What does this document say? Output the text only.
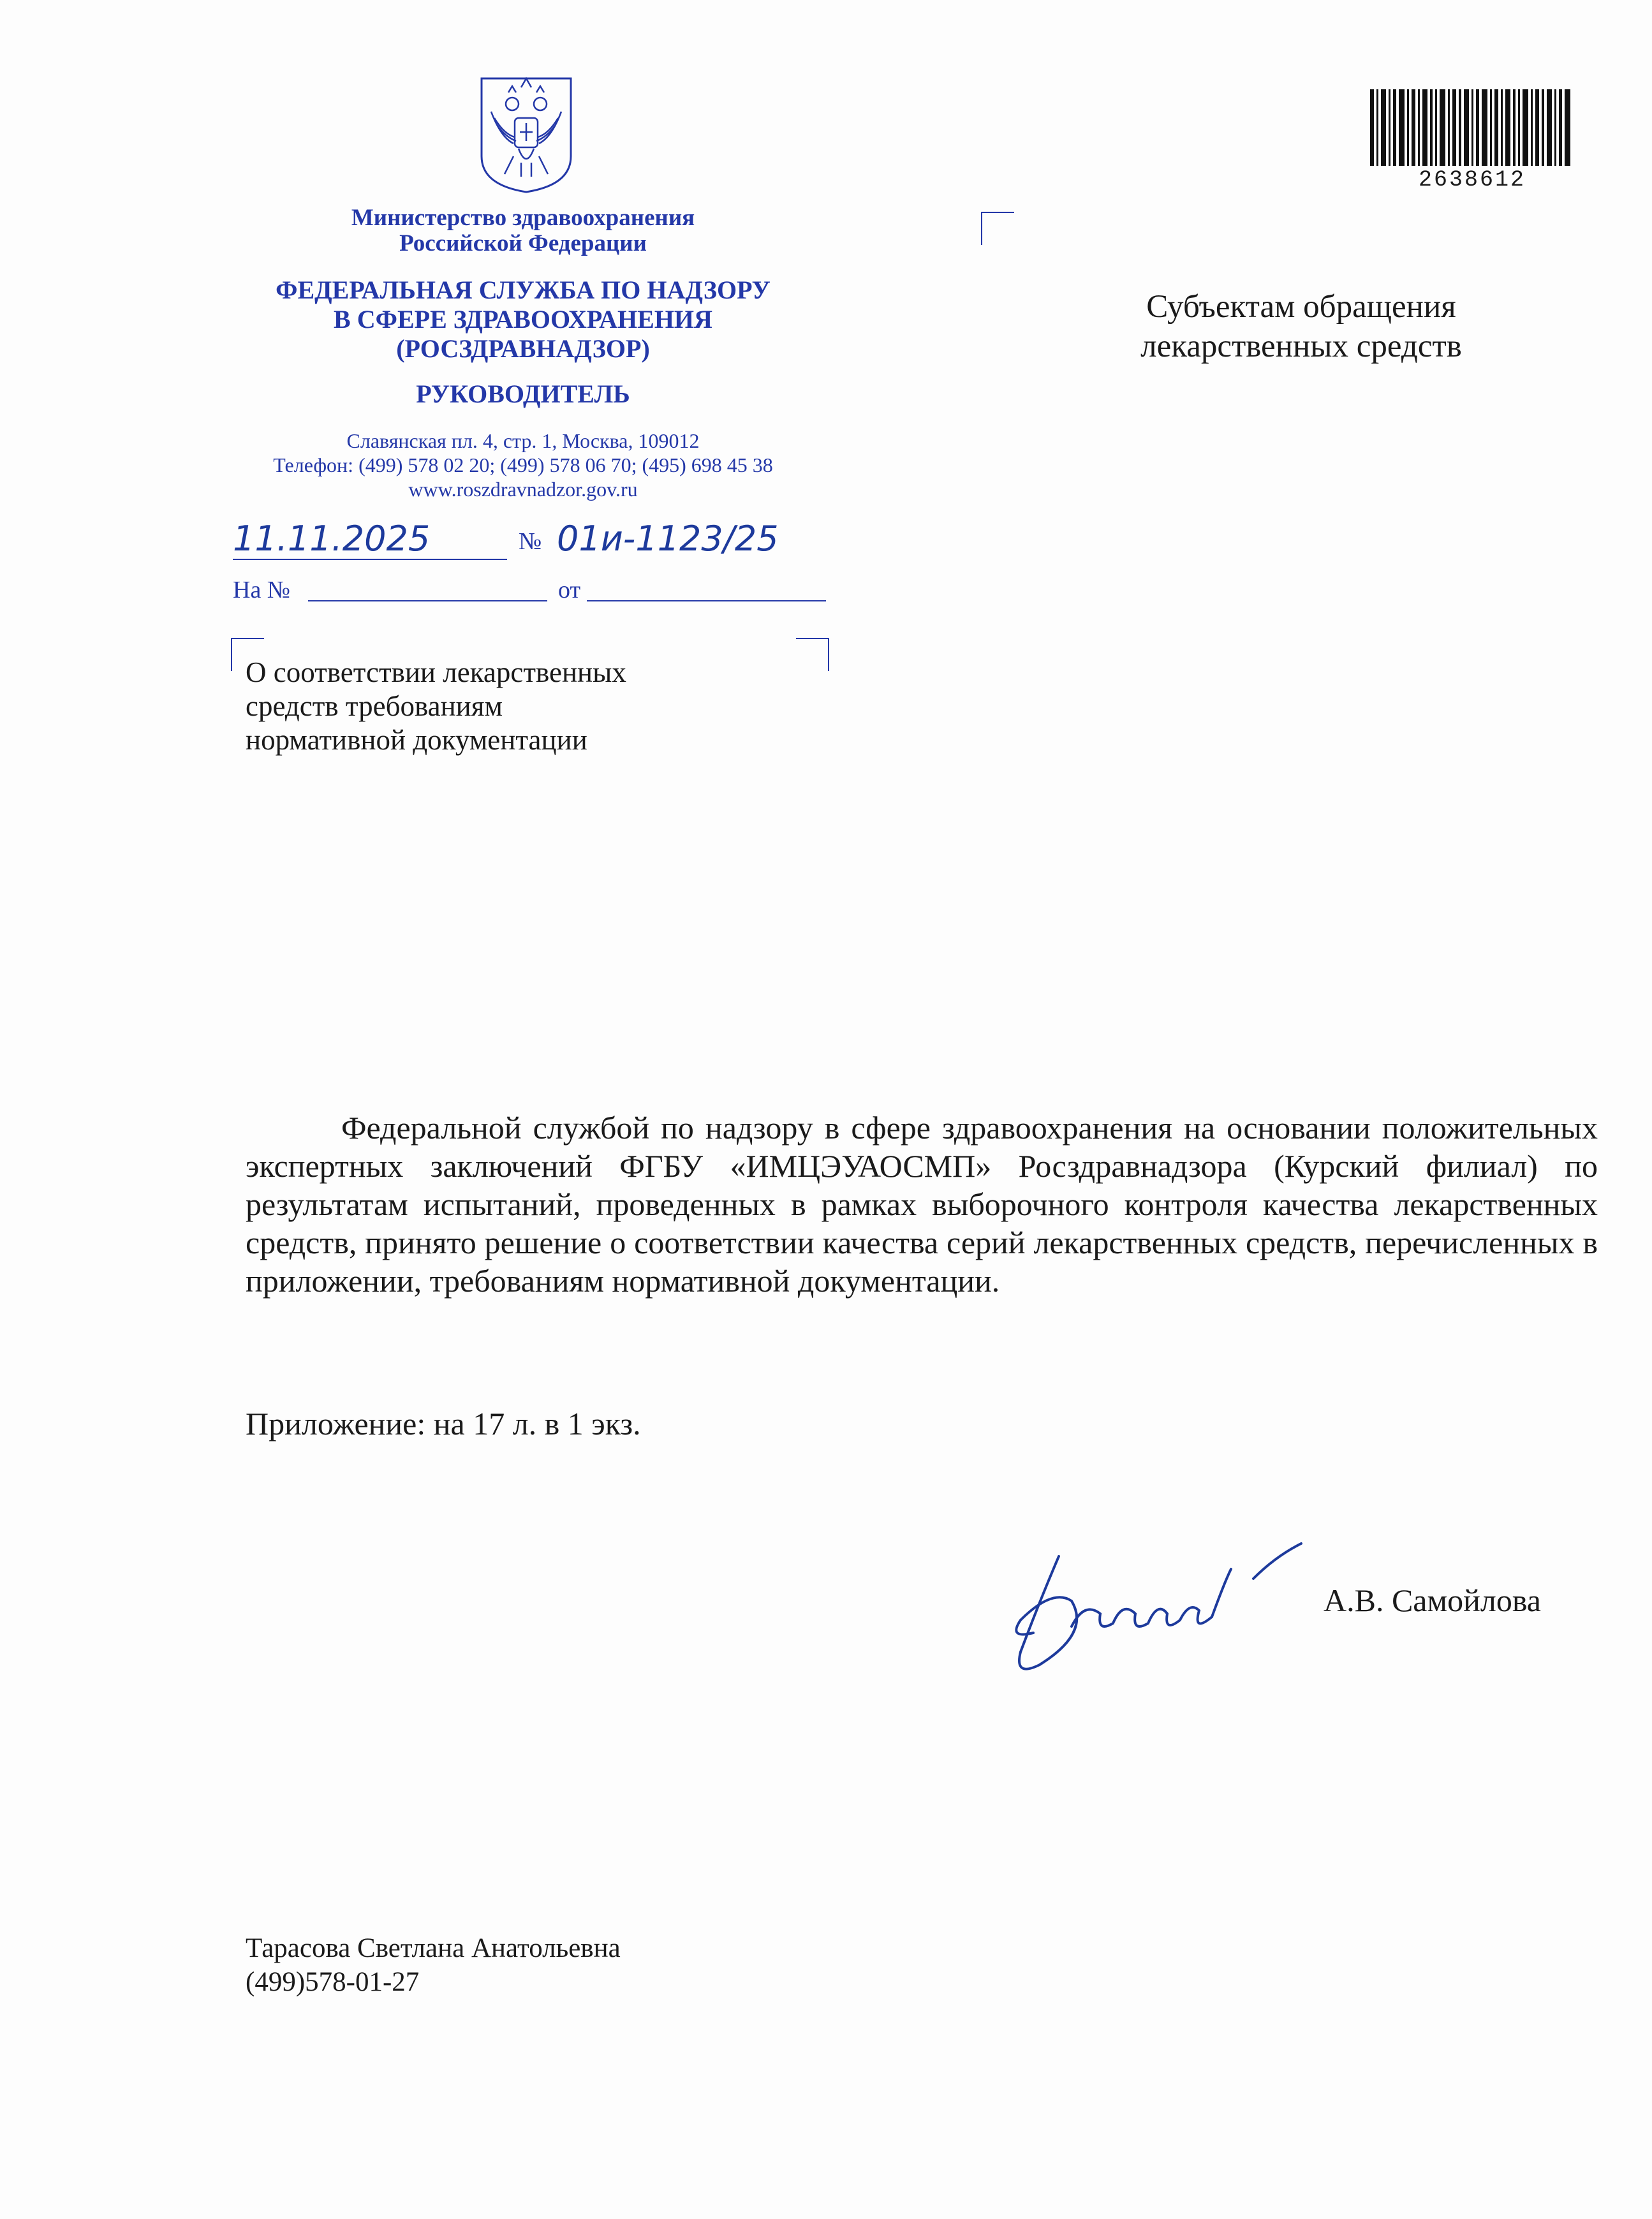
Министерство здравоохранения
Российской Федерации
ФЕДЕРАЛЬНАЯ СЛУЖБА ПО НАДЗОРУ
В СФЕРЕ ЗДРАВООХРАНЕНИЯ
(РОСЗДРАВНАДЗОР)
РУКОВОДИТЕЛЬ
Славянская пл. 4, стр. 1, Москва, 109012
Телефон: (499) 578 02 20; (499) 578 06 70; (495) 698 45 38
www.roszdravnadzor.gov.ru
11.11.2025	№ 01и-1123/25
На №	от
О соответствии лекарственных
средств требованиям
нормативной документации
2638612
Субъектам обращения
лекарственных средств
Федеральной службой по надзору в сфере здравоохранения на основании положительных экспертных заключений ФГБУ «ИМЦЭУАОСМП» Росздравнадзора (Курский филиал) по результатам испытаний, проведенных в рамках выборочного контроля качества лекарственных средств, принято решение о соответствии качества серий лекарственных средств, перечисленных в приложении, требованиям нормативной документации.
Приложение: на 17 л. в 1 экз.
А.В. Самойлова
Тарасова Светлана Анатольевна
(499)578-01-27
